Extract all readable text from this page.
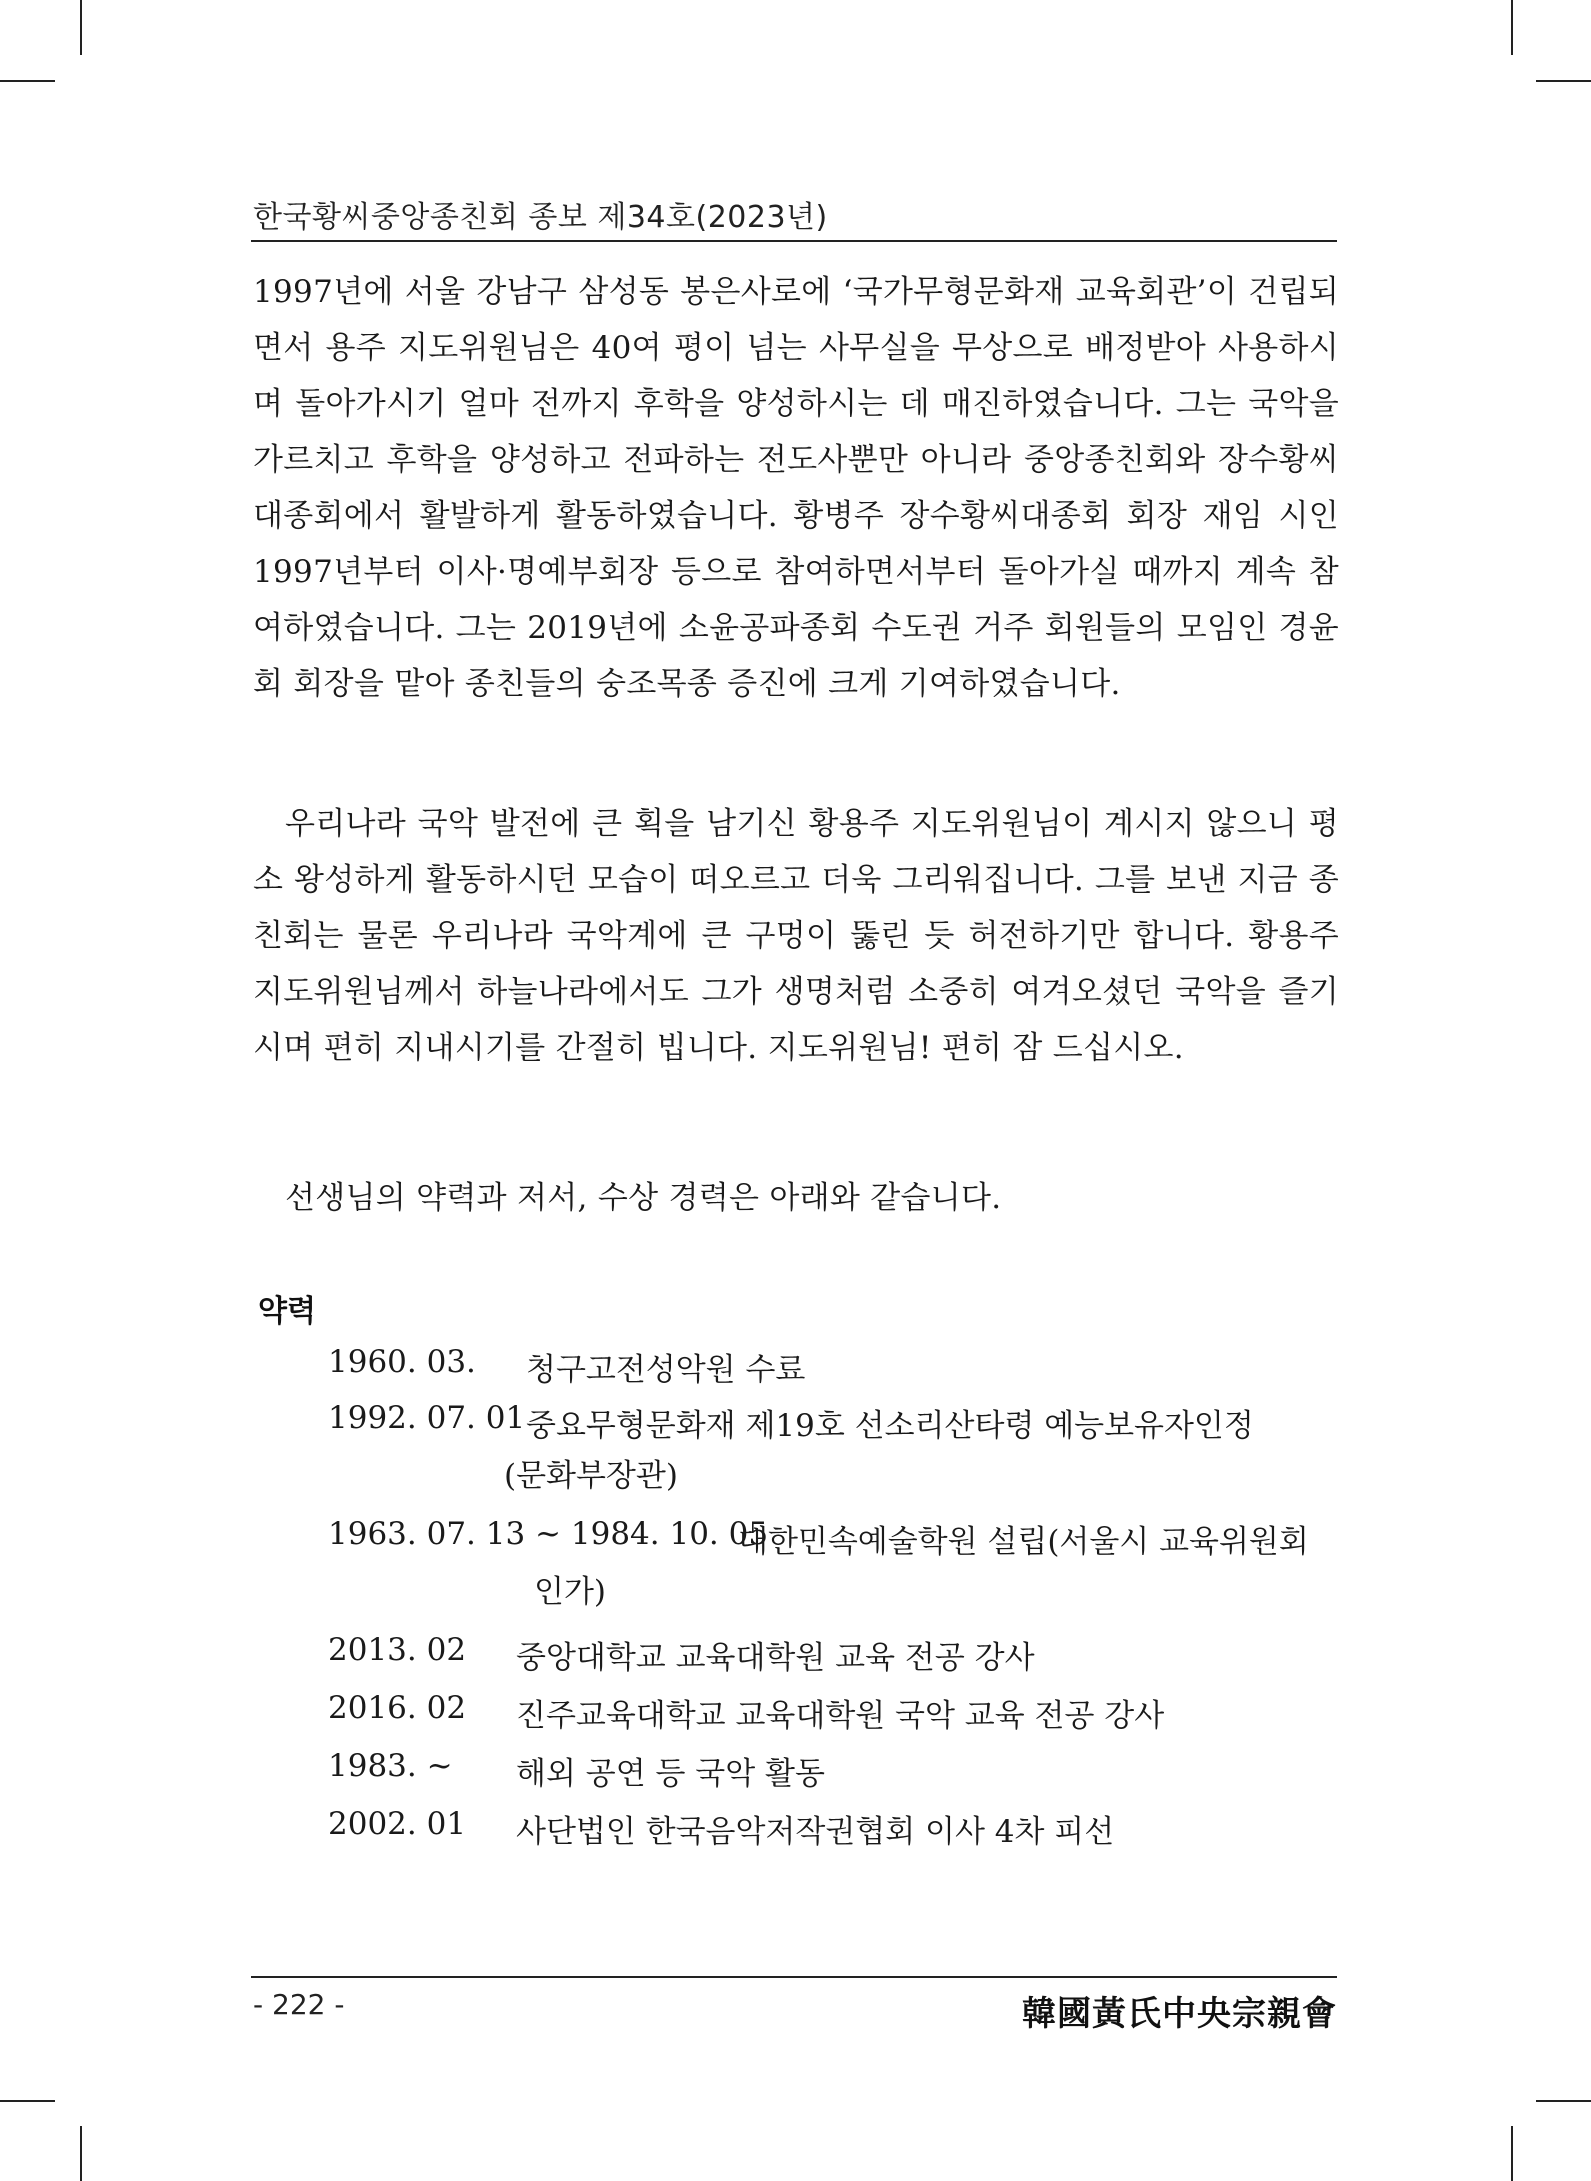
한국황씨중앙종친회 종보 제34호(2023년)

1997년에 서울 강남구 삼성동 봉은사로에 ‘국가무형문화재 교육회관’이 건립되면서 용주 지도위원님은 40여 평이 넘는 사무실을 무상으로 배정받아 사용하시며 돌아가시기 얼마 전까지 후학을 양성하시는 데 매진하였습니다. 그는 국악을 가르치고 후학을 양성하고 전파하는 전도사뿐만 아니라 중앙종친회와 장수황씨대종회에서 활발하게 활동하였습니다. 황병주 장수황씨대종회 회장 재임 시인 1997년부터 이사·명예부회장 등으로 참여하면서부터 돌아가실 때까지 계속 참여하였습니다. 그는 2019년에 소윤공파종회 수도권 거주 회원들의 모임인 경윤회 회장을 맡아 종친들의 숭조목종 증진에 크게 기여하였습니다.

우리나라 국악 발전에 큰 획을 남기신 황용주 지도위원님이 계시지 않으니 평소 왕성하게 활동하시던 모습이 떠오르고 더욱 그리워집니다. 그를 보낸 지금 종친회는 물론 우리나라 국악계에 큰 구멍이 뚫린 듯 허전하기만 합니다. 황용주 지도위원님께서 하늘나라에서도 그가 생명처럼 소중히 여겨오셨던 국악을 즐기시며 편히 지내시기를 간절히 빕니다. 지도위원님! 편히 잠 드십시오.

선생님의 약력과 저서, 수상 경력은 아래와 같습니다.

약력
1960. 03. 청구고전성악원 수료
1992. 07. 01 중요무형문화재 제19호 선소리산타령 예능보유자인정
(문화부장관)
1963. 07. 13 ~ 1984. 10. 05
대한민속예술학원 설립(서울시 교육위원회
인가)
2013. 02 중앙대학교 교육대학원 교육 전공 강사
2016. 02 진주교육대학교 교육대학원 국악 교육 전공 강사
1983. ~ 해외 공연 등 국악 활동
2002. 01 사단법인 한국음악저작권협회 이사 4차 피선
- 222 -	韓國黃氏中央宗親會
